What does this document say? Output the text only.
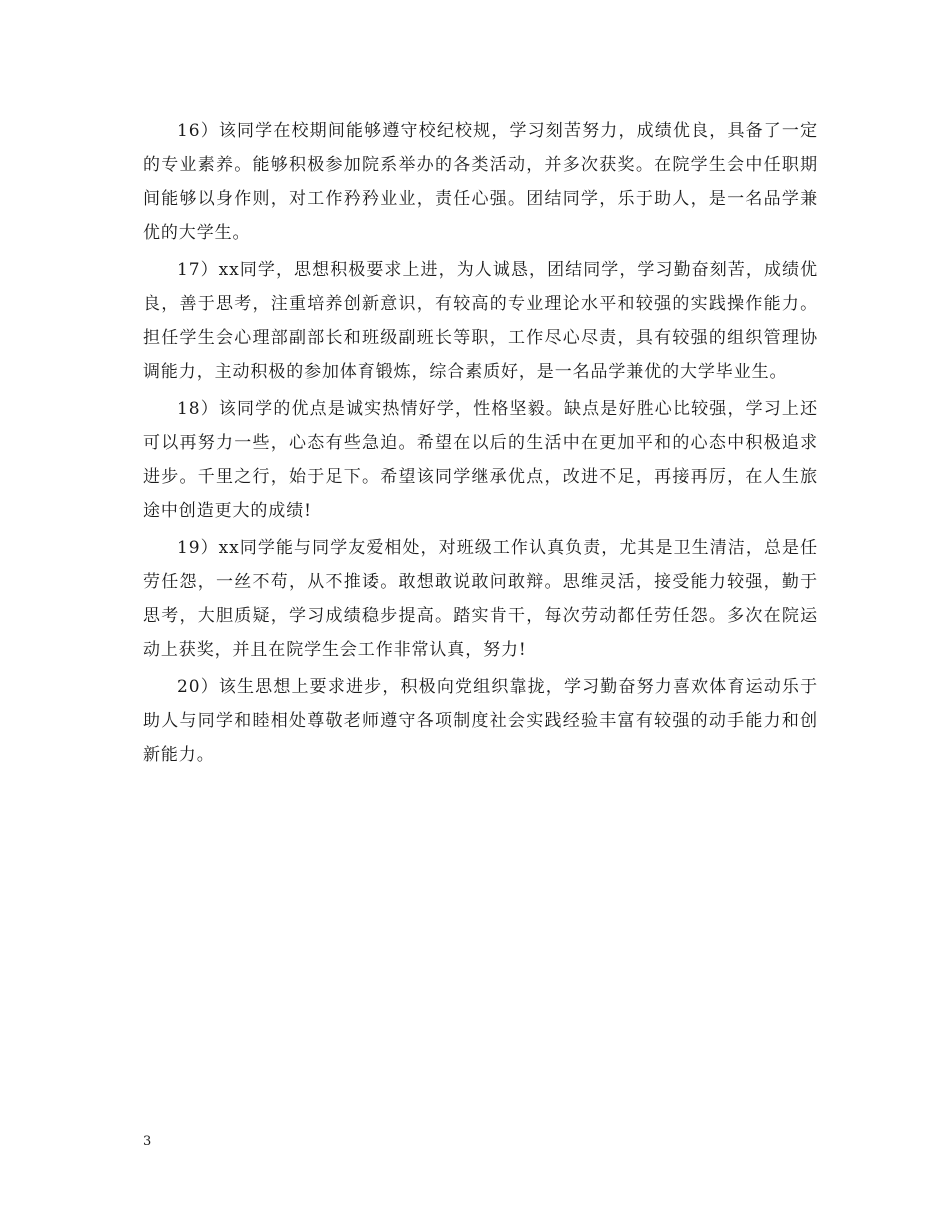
16）该同学在校期间能够遵守校纪校规，学习刻苦努力，成绩优良，具备了一定的专业素养。能够积极参加院系举办的各类活动，并多次获奖。在院学生会中任职期间能够以身作则，对工作矜矜业业，责任心强。团结同学，乐于助人，是一名品学兼优的大学生。

17）xx同学，思想积极要求上进，为人诚恳，团结同学，学习勤奋刻苦，成绩优良，善于思考，注重培养创新意识，有较高的专业理论水平和较强的实践操作能力。担任学生会心理部副部长和班级副班长等职，工作尽心尽责，具有较强的组织管理协调能力，主动积极的参加体育锻炼，综合素质好，是一名品学兼优的大学毕业生。

18）该同学的优点是诚实热情好学，性格坚毅。缺点是好胜心比较强，学习上还可以再努力一些，心态有些急迫。希望在以后的生活中在更加平和的心态中积极追求进步。千里之行，始于足下。希望该同学继承优点，改进不足，再接再厉，在人生旅途中创造更大的成绩!

19）xx同学能与同学友爱相处，对班级工作认真负责，尤其是卫生清洁，总是任劳任怨，一丝不苟，从不推诿。敢想敢说敢问敢辩。思维灵活，接受能力较强，勤于思考，大胆质疑，学习成绩稳步提高。踏实肯干，每次劳动都任劳任怨。多次在院运动上获奖，并且在院学生会工作非常认真，努力!

20）该生思想上要求进步，积极向党组织靠拢，学习勤奋努力喜欢体育运动乐于助人与同学和睦相处尊敬老师遵守各项制度社会实践经验丰富有较强的动手能力和创新能力。

3
